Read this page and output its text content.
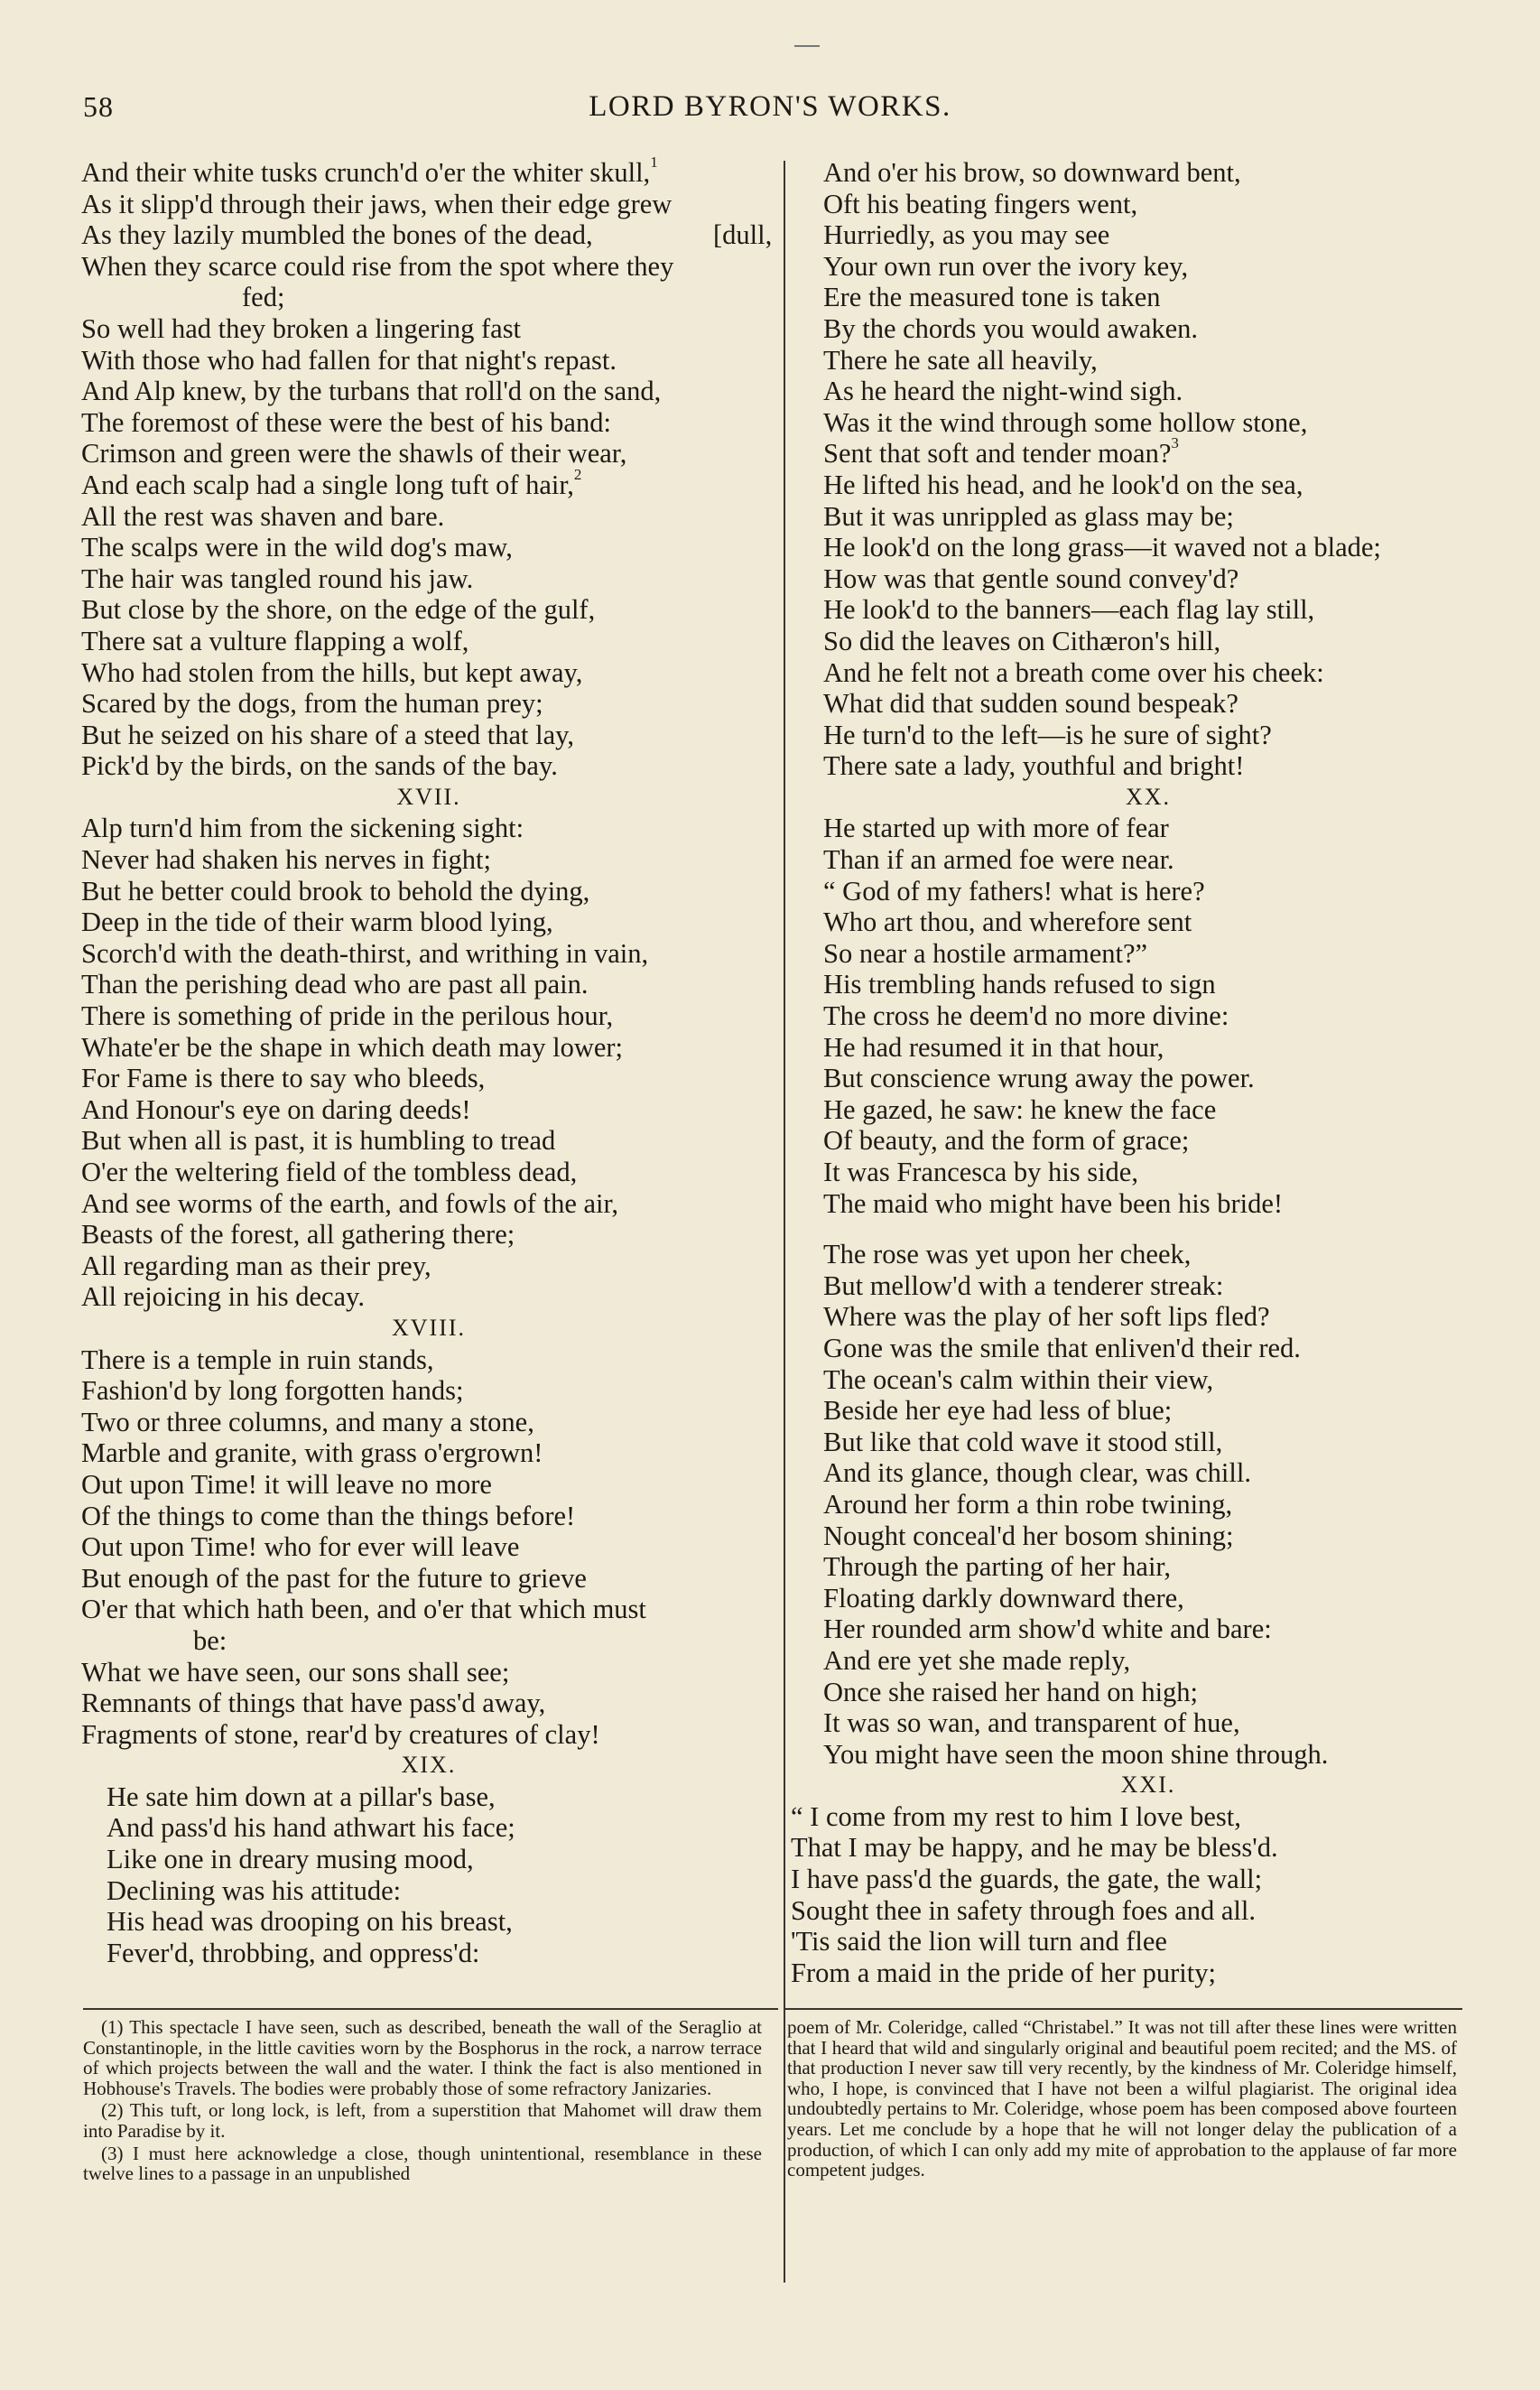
58	LORD BYRON'S WORKS.
And their white tusks crunch'd o'er the whiter skull,$^1$
As it slipp'd through their jaws, when their edge grew
As they lazily mumbled the bones of the dead,	[dull,
When they scarce could rise from the spot where they
fed;
So well had they broken a lingering fast
With those who had fallen for that night's repast.
And Alp knew, by the turbans that roll'd on the sand,
The foremost of these were the best of his band:
Crimson and green were the shawls of their wear,
And each scalp had a single long tuft of hair,$^2$
All the rest was shaven and bare.
The scalps were in the wild dog's maw,
The hair was tangled round his jaw.
But close by the shore, on the edge of the gulf,
There sat a vulture flapping a wolf,
Who had stolen from the hills, but kept away,
Scared by the dogs, from the human prey;
But he seized on his share of a steed that lay,
Pick'd by the birds, on the sands of the bay.
XVII.
Alp turn'd him from the sickening sight:
Never had shaken his nerves in fight;
But he better could brook to behold the dying,
Deep in the tide of their warm blood lying,
Scorch'd with the death-thirst, and writhing in vain,
Than the perishing dead who are past all pain.
There is something of pride in the perilous hour,
Whate'er be the shape in which death may lower;
For Fame is there to say who bleeds,
And Honour's eye on daring deeds!
But when all is past, it is humbling to tread
O'er the weltering field of the tombless dead,
And see worms of the earth, and fowls of the air,
Beasts of the forest, all gathering there;
All regarding man as their prey,
All rejoicing in his decay.
XVIII.
There is a temple in ruin stands,
Fashion'd by long forgotten hands;
Two or three columns, and many a stone,
Marble and granite, with grass o'ergrown!
Out upon Time! it will leave no more
Of the things to come than the things before!
Out upon Time! who for ever will leave
But enough of the past for the future to grieve
O'er that which hath been, and o'er that which must
be:
What we have seen, our sons shall see;
Remnants of things that have pass'd away,
Fragments of stone, rear'd by creatures of clay!
XIX.
He sate him down at a pillar's base,
And pass'd his hand athwart his face;
Like one in dreary musing mood,
Declining was his attitude:
His head was drooping on his breast,
Fever'd, throbbing, and oppress'd:
And o'er his brow, so downward bent,
Oft his beating fingers went,
Hurriedly, as you may see
Your own run over the ivory key,
Ere the measured tone is taken
By the chords you would awaken.
There he sate all heavily,
As he heard the night-wind sigh.
Was it the wind through some hollow stone,
Sent that soft and tender moan?$^3$
He lifted his head, and he look'd on the sea,
But it was unrippled as glass may be;
He look'd on the long grass—it waved not a blade;
How was that gentle sound convey'd?
He look'd to the banners—each flag lay still,
So did the leaves on Cithæron's hill,
And he felt not a breath come over his cheek:
What did that sudden sound bespeak?
He turn'd to the left—is he sure of sight?
There sate a lady, youthful and bright!
XX.
He started up with more of fear
Than if an armed foe were near.
“ God of my fathers! what is here?
Who art thou, and wherefore sent
So near a hostile armament?”
His trembling hands refused to sign
The cross he deem'd no more divine:
He had resumed it in that hour,
But conscience wrung away the power.
He gazed, he saw: he knew the face
Of beauty, and the form of grace;
It was Francesca by his side,
The maid who might have been his bride!
The rose was yet upon her cheek,
But mellow'd with a tenderer streak:
Where was the play of her soft lips fled?
Gone was the smile that enliven'd their red.
The ocean's calm within their view,
Beside her eye had less of blue;
But like that cold wave it stood still,
And its glance, though clear, was chill.
Around her form a thin robe twining,
Nought conceal'd her bosom shining;
Through the parting of her hair,
Floating darkly downward there,
Her rounded arm show'd white and bare:
And ere yet she made reply,
Once she raised her hand on high;
It was so wan, and transparent of hue,
You might have seen the moon shine through.
XXI.
“ I come from my rest to him I love best,
That I may be happy, and he may be bless'd.
I have pass'd the guards, the gate, the wall;
Sought thee in safety through foes and all.
'Tis said the lion will turn and flee
From a maid in the pride of her purity;

(1) This spectacle I have seen, such as described, beneath the wall of the Seraglio at Constantinople, in the little cavities worn by the Bosphorus in the rock, a narrow terrace of which projects between the wall and the water. I think the fact is also mentioned in Hobhouse's Travels. The bodies were probably those of some refractory Janizaries.

(2) This tuft, or long lock, is left, from a superstition that Mahomet will draw them into Paradise by it.

(3) I must here acknowledge a close, though unintentional, resemblance in these twelve lines to a passage in an unpublished

poem of Mr. Coleridge, called “Christabel.” It was not till after these lines were written that I heard that wild and singularly original and beautiful poem recited; and the MS. of that production I never saw till very recently, by the kindness of Mr. Coleridge himself, who, I hope, is convinced that I have not been a wilful plagiarist. The original idea undoubtedly pertains to Mr. Coleridge, whose poem has been composed above fourteen years. Let me conclude by a hope that he will not longer delay the publication of a production, of which I can only add my mite of approbation to the applause of far more competent judges.
